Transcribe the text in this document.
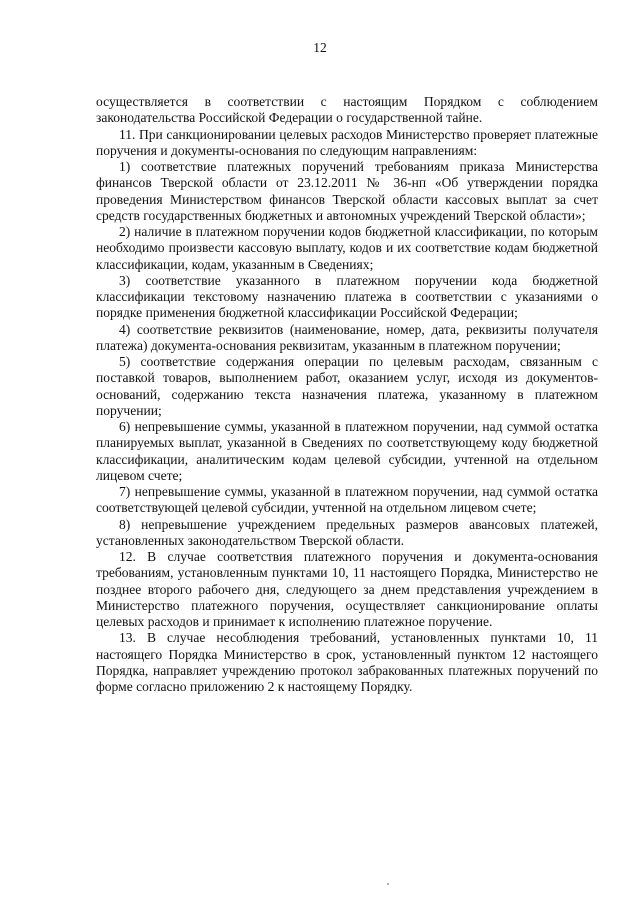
12

осуществляется в соответствии с настоящим Порядком с соблюдением законодательства Российской Федерации о государственной тайне.

11. При санкционировании целевых расходов Министерство проверяет платежные поручения и документы-основания по следующим направлениям:

1) соответствие платежных поручений требованиям приказа Министерства финансов Тверской области от 23.12.2011 № 36-нп «Об утверждении порядка проведения Министерством финансов Тверской области кассовых выплат за счет средств государственных бюджетных и автономных учреждений Тверской области»;

2) наличие в платежном поручении кодов бюджетной классификации, по которым необходимо произвести кассовую выплату, кодов и их соответствие кодам бюджетной классификации, кодам, указанным в Сведениях;

3) соответствие указанного в платежном поручении кода бюджетной классификации текстовому назначению платежа в соответствии с указаниями о порядке применения бюджетной классификации Российской Федерации;

4) соответствие реквизитов (наименование, номер, дата, реквизиты получателя платежа) документа-основания реквизитам, указанным в платежном поручении;

5) соответствие содержания операции по целевым расходам, связанным с поставкой товаров, выполнением работ, оказанием услуг, исходя из документов-оснований, содержанию текста назначения платежа, указанному в платежном поручении;

6) непревышение суммы, указанной в платежном поручении, над суммой остатка планируемых выплат, указанной в Сведениях по соответствующему коду бюджетной классификации, аналитическим кодам целевой субсидии, учтенной на отдельном лицевом счете;

7) непревышение суммы, указанной в платежном поручении, над суммой остатка соответствующей целевой субсидии, учтенной на отдельном лицевом счете;

8) непревышение учреждением предельных размеров авансовых платежей, установленных законодательством Тверской области.

12. В случае соответствия платежного поручения и документа-основания требованиям, установленным пунктами 10, 11 настоящего Порядка, Министерство не позднее второго рабочего дня, следующего за днем представления учреждением в Министерство платежного поручения, осуществляет санкционирование оплаты целевых расходов и принимает к исполнению платежное поручение.

13. В случае несоблюдения требований, установленных пунктами 10, 11 настоящего Порядка Министерство в срок, установленный пунктом 12 настоящего Порядка, направляет учреждению протокол забракованных платежных поручений по форме согласно приложению 2 к настоящему Порядку.
